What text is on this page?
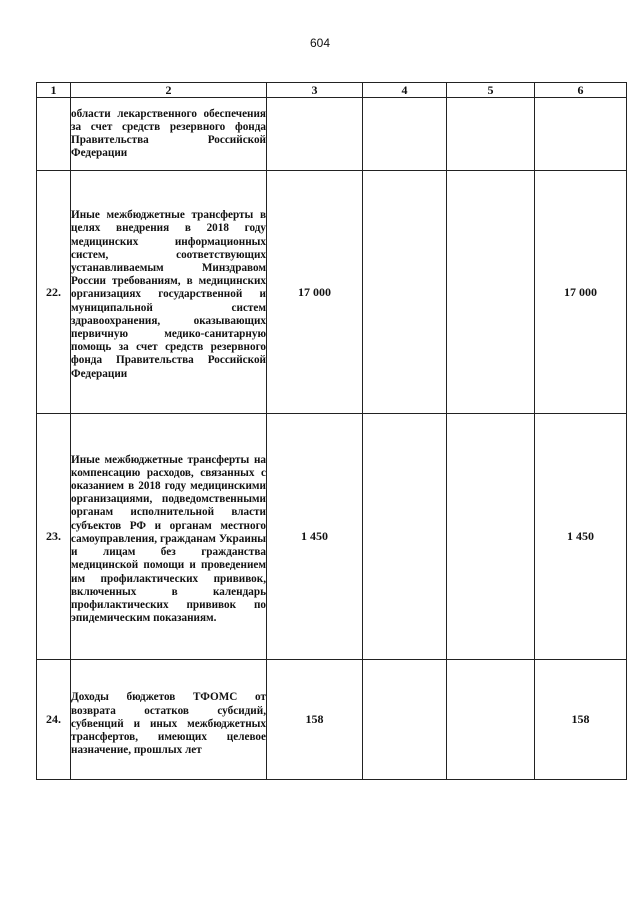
604
1	2	3	4	5	6
	области лекарственного обеспечения за счет средств резервного фонда Правительства Российской Федерации				
22.	Иные межбюджетные трансферты в целях внедрения в 2018 году медицинских информационных систем, соответствующих устанавливаемым Минздравом России требованиям, в медицинских организациях государственной и муниципальной систем здравоохранения, оказывающих первичную медико-санитарную помощь за счет средств резервного фонда Правительства Российской Федерации	17 000			17 000
23.	Иные межбюджетные трансферты на компенсацию расходов, связанных с оказанием в 2018 году медицинскими организациями, подведомственными органам исполнительной власти субъектов РФ и органам местного самоуправления, гражданам Украины и лицам без гражданства медицинской помощи и проведением им профилактических прививок, включенных в календарь профилактических прививок по эпидемическим показаниям.	1 450			1 450
24.	Доходы бюджетов ТФОМС от возврата остатков субсидий, субвенций и иных межбюджетных трансфертов, имеющих целевое назначение, прошлых лет	158			158
